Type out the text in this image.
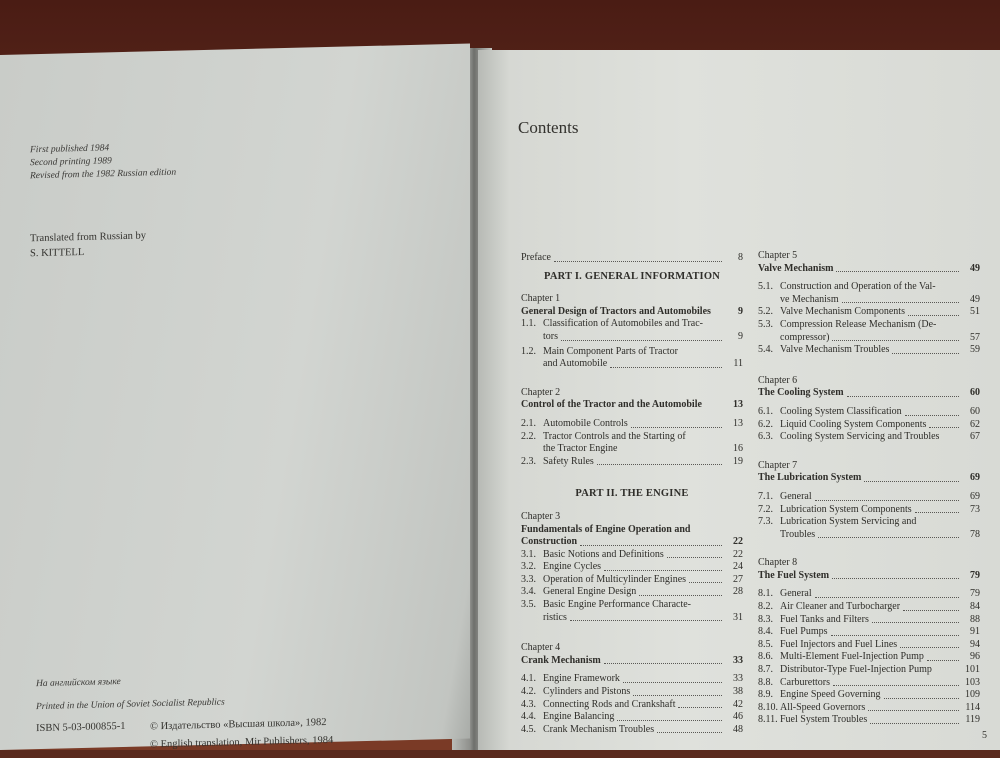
First published 1984
Second printing 1989
Revised from the 1982 Russian edition
Translated from Russian by
S. KITTELL
На английском языке
Printed in the Union of Soviet Socialist Republics
ISBN 5-03-000855-1 © Издательство «Высшая школа», 1982
© English translation, Mir Publishers, 1984
Contents
Preface	8
PART I. GENERAL INFORMATION
Chapter 1
General Design of Tractors and Automobiles	9
1.1. Classification of Automobiles and Trac-
tors	9
1.2. Main Component Parts of Tractor
and Automobile	11
Chapter 2
Control of the Tractor and the Automobile	13
2.1. Automobile Controls	13
2.2. Tractor Controls and the Starting of
the Tractor Engine	16
2.3. Safety Rules	19
PART II. THE ENGINE
Chapter 3
Fundamentals of Engine Operation and
Construction	22
3.1. Basic Notions and Definitions	22
3.2. Engine Cycles	24
3.3. Operation of Multicylinder Engines	27
3.4. General Engine Design	28
3.5. Basic Engine Performance Characte-
ristics	31
Chapter 4
Crank Mechanism	33
4.1. Engine Framework	33
4.2. Cylinders and Pistons	38
4.3. Connecting Rods and Crankshaft	42
4.4. Engine Balancing	46
4.5. Crank Mechanism Troubles	48
Chapter 5
Valve Mechanism	49
5.1. Construction and Operation of the Val-
ve Mechanism	49
5.2. Valve Mechanism Components	51
5.3. Compression Release Mechanism (De-
compressor)	57
5.4. Valve Mechanism Troubles	59
Chapter 6
The Cooling System	60
6.1. Cooling System Classification	60
6.2. Liquid Cooling System Components	62
6.3. Cooling System Servicing and Troubles	67
Chapter 7
The Lubrication System	69
7.1. General	69
7.2. Lubrication System Components	73
7.3. Lubrication System Servicing and
Troubles	78
Chapter 8
The Fuel System	79
8.1. General	79
8.2. Air Cleaner and Turbocharger	84
8.3. Fuel Tanks and Filters	88
8.4. Fuel Pumps	91
8.5. Fuel Injectors and Fuel Lines	94
8.6. Multi-Element Fuel-Injection Pump	96
8.7. Distributor-Type Fuel-Injection Pump	101
8.8. Carburettors	103
8.9. Engine Speed Governing	109
8.10. All-Speed Governors	114
8.11. Fuel System Troubles	119
5
